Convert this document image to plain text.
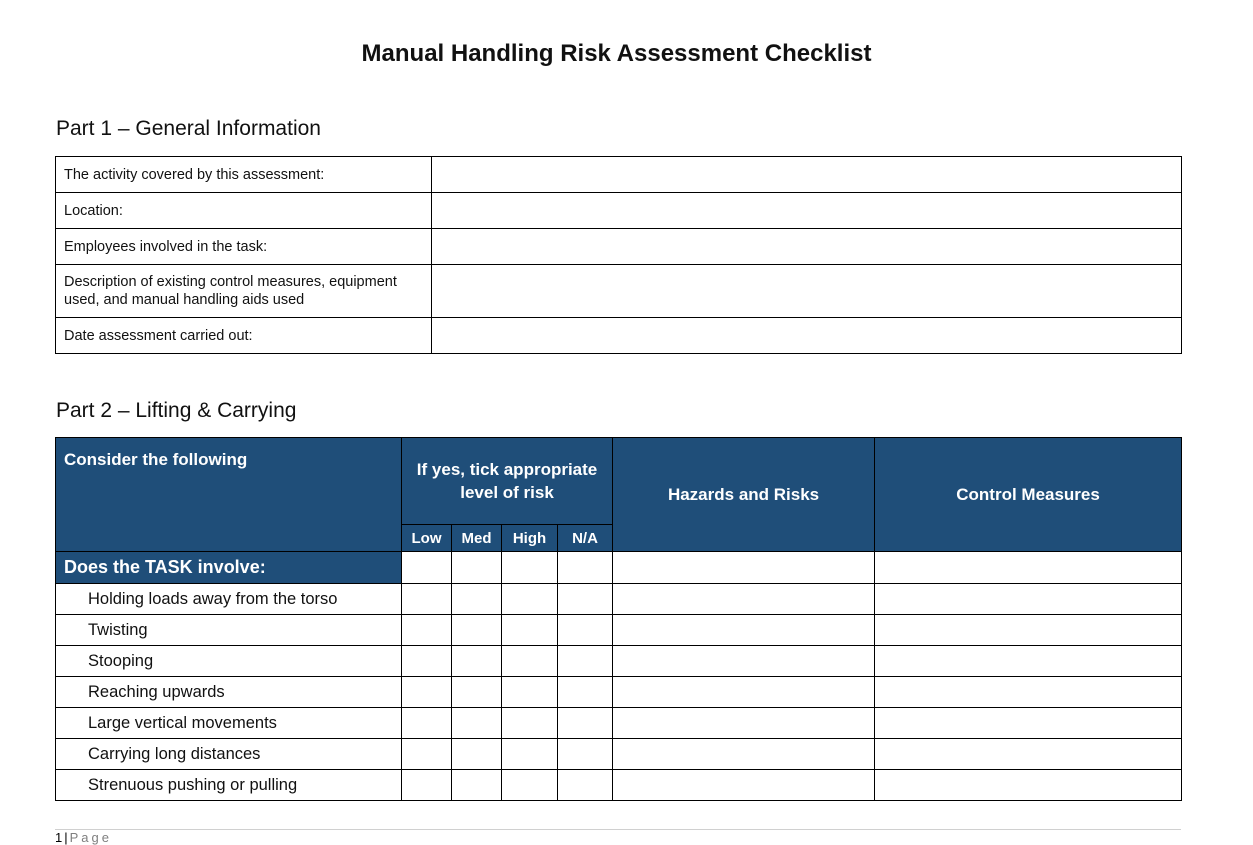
Manual Handling Risk Assessment Checklist
Part 1 – General Information
The activity covered by this assessment:	
Location:	
Employees involved in the task:	
Description of existing control measures, equipment used, and manual handling aids used	
Date assessment carried out:	
Part 2 – Lifting & Carrying
Consider the following	If yes, tick appropriate level of risk				Hazards and Risks	Control Measures
	Low	Med	High	N/A		
Does the TASK involve:						
Holding loads away from the torso						
Twisting						
Stooping						
Reaching upwards						
Large vertical movements						
Carrying long distances						
Strenuous pushing or pulling						
1 | Page
